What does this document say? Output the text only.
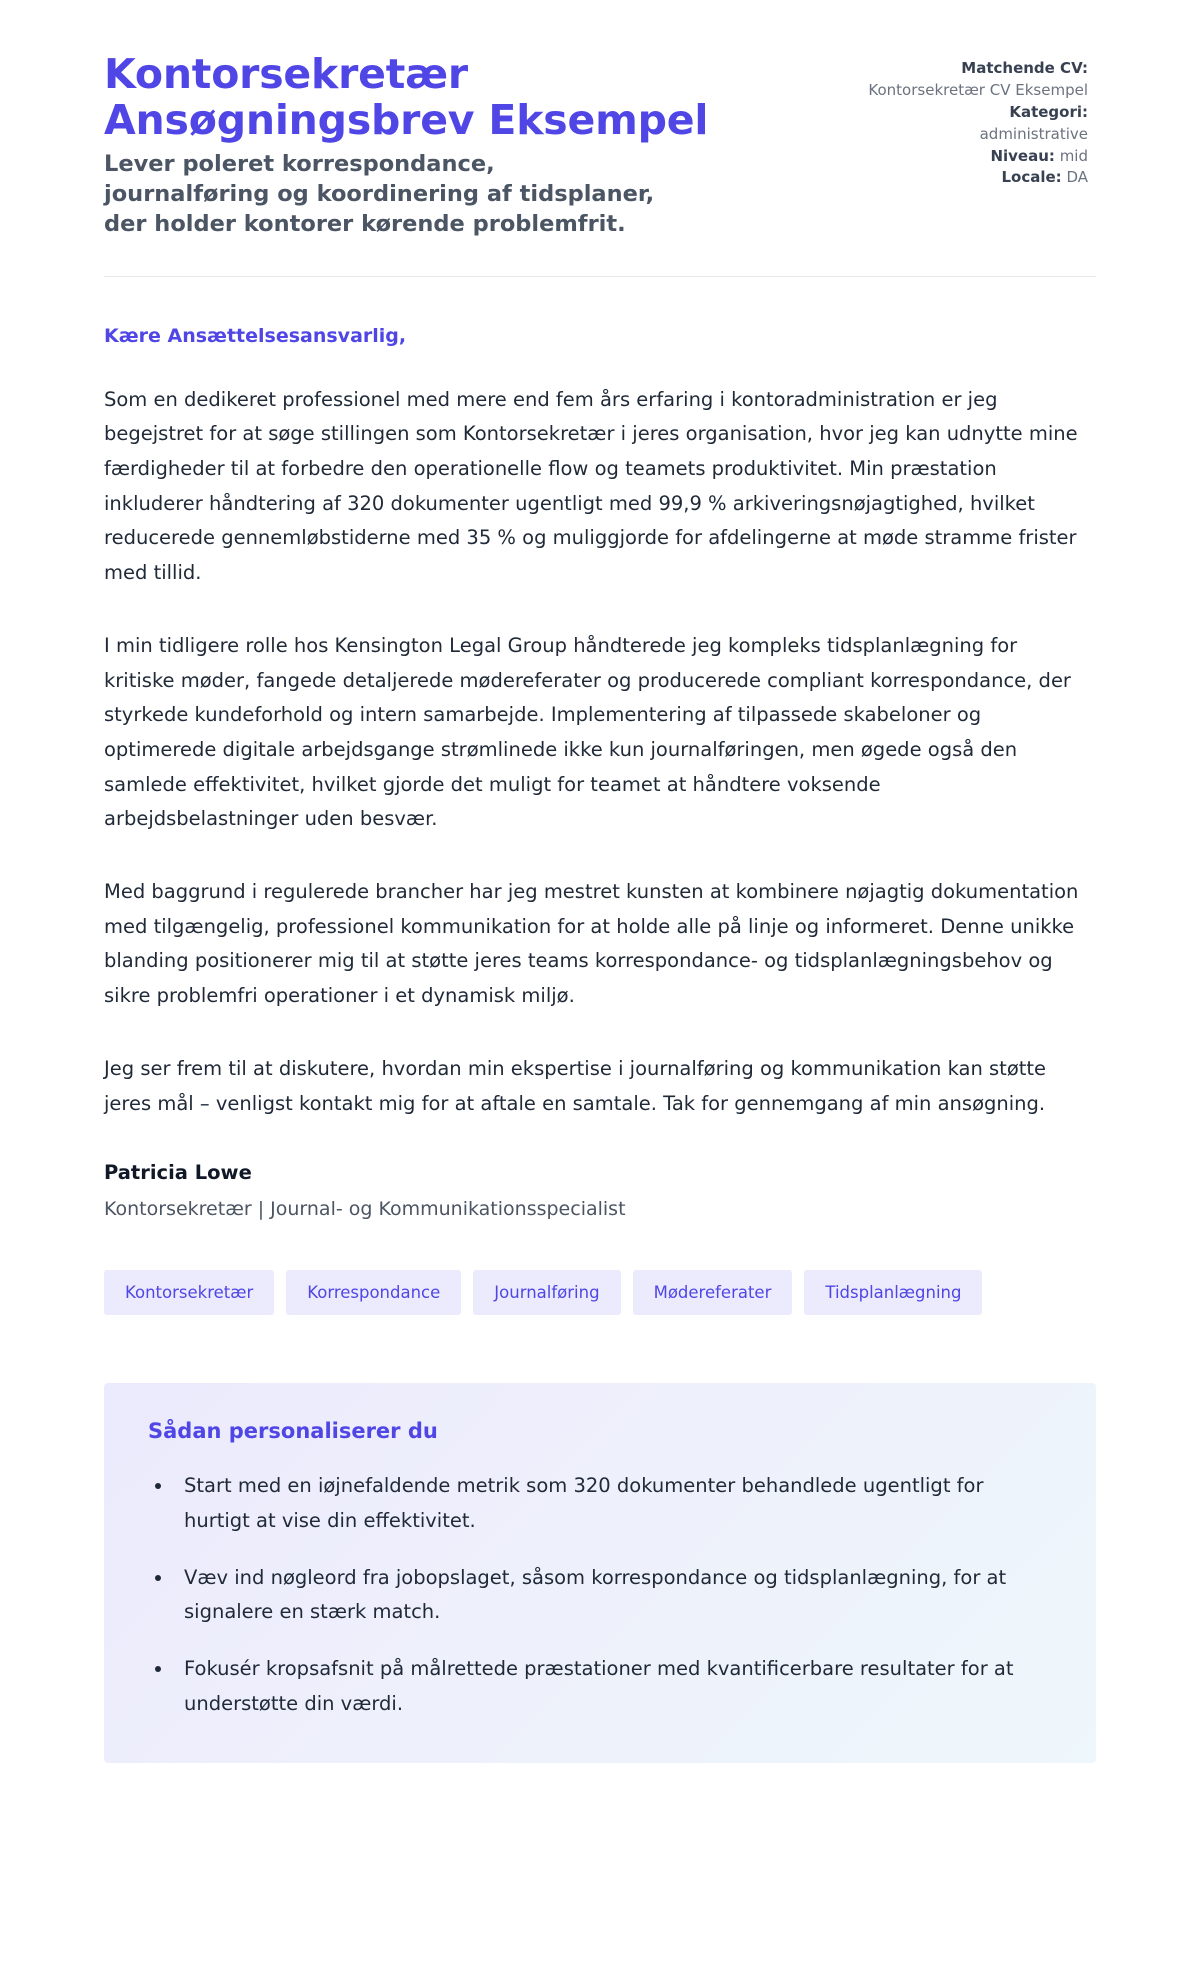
Kontorsekretær Ansøgningsbrev Eksempel

Lever poleret korrespondance, journalføring og koordinering af tidsplaner, der holder kontorer kørende problemfrit.

Matchende CV:
Kontorsekretær CV Eksempel
Kategori:
administrative
Niveau: mid
Locale: DA

Kære Ansættelsesansvarlig,

Som en dedikeret professionel med mere end fem års erfaring i kontoradministration er jeg begejstret for at søge stillingen som Kontorsekretær i jeres organisation, hvor jeg kan udnytte mine færdigheder til at forbedre den operationelle flow og teamets produktivitet. Min præstation inkluderer håndtering af 320 dokumenter ugentligt med 99,9 % arkiveringsnøjagtighed, hvilket reducerede gennemløbstiderne med 35 % og muliggjorde for afdelingerne at møde stramme frister med tillid.

I min tidligere rolle hos Kensington Legal Group håndterede jeg kompleks tidsplanlægning for kritiske møder, fangede detaljerede mødereferater og producerede compliant korrespondance, der styrkede kundeforhold og intern samarbejde. Implementering af tilpassede skabeloner og optimerede digitale arbejdsgange strømlinede ikke kun journalføringen, men øgede også den samlede effektivitet, hvilket gjorde det muligt for teamet at håndtere voksende arbejdsbelastninger uden besvær.

Med baggrund i regulerede brancher har jeg mestret kunsten at kombinere nøjagtig dokumentation med tilgængelig, professionel kommunikation for at holde alle på linje og informeret. Denne unikke blanding positionerer mig til at støtte jeres teams korrespondance- og tidsplanlægningsbehov og sikre problemfri operationer i et dynamisk miljø.

Jeg ser frem til at diskutere, hvordan min ekspertise i journalføring og kommunikation kan støtte jeres mål – venligst kontakt mig for at aftale en samtale. Tak for gennemgang af min ansøgning.

Patricia Lowe

Kontorsekretær | Journal- og Kommunikationsspecialist

Kontorsekretær	Korrespondance	Journalføring	Mødereferater	Tidsplanlægning
Sådan personaliserer du
• Start med en iøjnefaldende metrik som 320 dokumenter behandlede ugentligt for hurtigt at vise din effektivitet.
• Væv ind nøgleord fra jobopslaget, såsom korrespondance og tidsplanlægning, for at signalere en stærk match.
• Fokusér kropsafsnit på målrettede præstationer med kvantificerbare resultater for at understøtte din værdi.
